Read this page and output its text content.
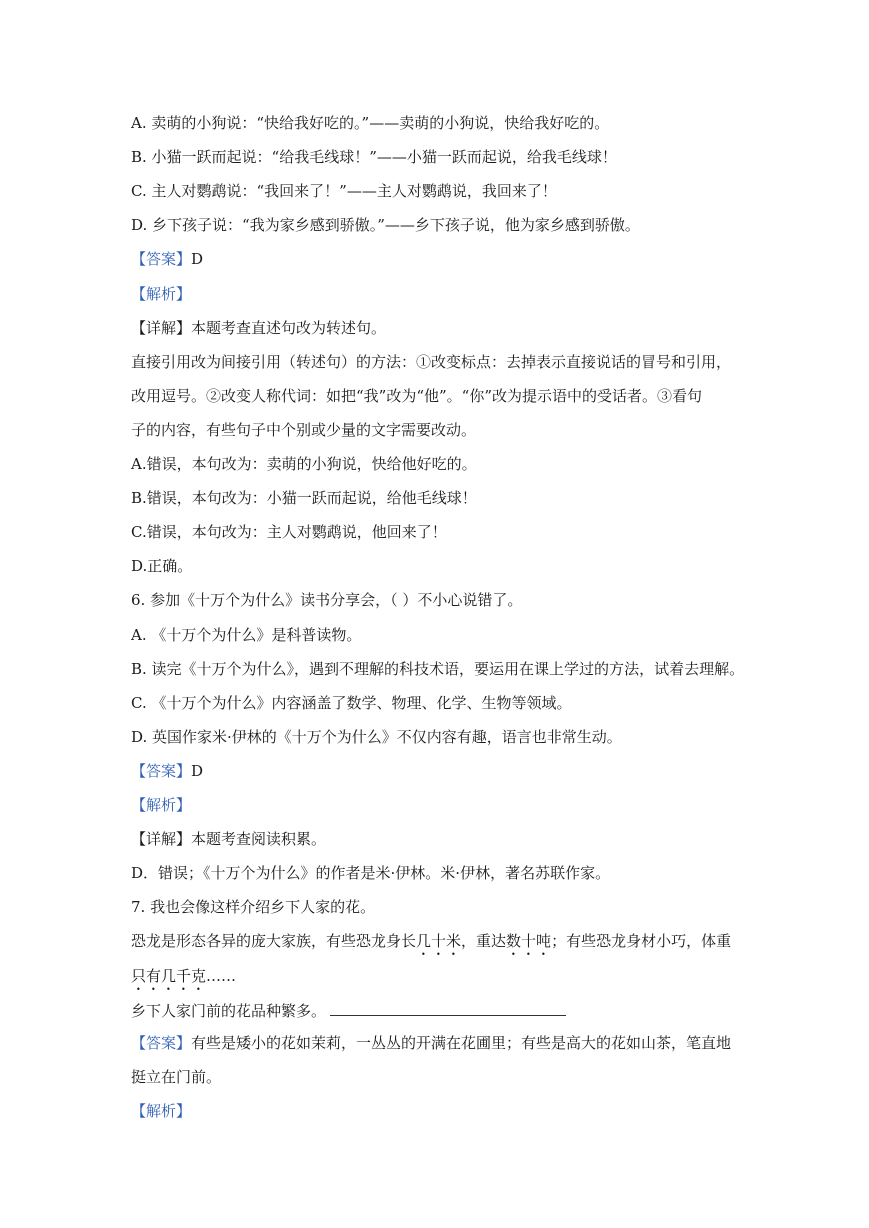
A. 卖萌的小狗说：“快给我好吃的。”——卖萌的小狗说，快给我好吃的。
B. 小猫一跃而起说：“给我毛线球！”——小猫一跃而起说，给我毛线球！
C. 主人对鹦鹉说：“我回来了！”——主人对鹦鹉说，我回来了！
D. 乡下孩子说：“我为家乡感到骄傲。”——乡下孩子说，他为家乡感到骄傲。
【答案】D
【解析】
【详解】本题考查直述句改为转述句。
直接引用改为间接引用（转述句）的方法：①改变标点：去掉表示直接说话的冒号和引用，
改用逗号。②改变人称代词：如把“我”改为“他”。“你”改为提示语中的受话者。③看句
子的内容，有些句子中个别或少量的文字需要改动。
A.错误，本句改为：卖萌的小狗说，快给他好吃的。
B.错误，本句改为：小猫一跃而起说，给他毛线球！
C.错误，本句改为：主人对鹦鹉说，他回来了！
D.正确。
6. 参加《十万个为什么》读书分享会，（ ）不小心说错了。
A. 《十万个为什么》是科普读物。
B. 读完《十万个为什么》，遇到不理解的科技术语，要运用在课上学过的方法，试着去理解。
C. 《十万个为什么》内容涵盖了数学、物理、化学、生物等领域。
D. 英国作家米·伊林的《十万个为什么》不仅内容有趣，语言也非常生动。
【答案】D
【解析】
【详解】本题考查阅读积累。
D．错误；《十万个为什么》的作者是米·伊林。米·伊林，著名苏联作家。
7. 我也会像这样介绍乡下人家的花。
恐龙是形态各异的庞大家族，有些恐龙身长几十米，重达数十吨；有些恐龙身材小巧，体重
只有几千克……
乡下人家门前的花品种繁多。
【答案】有些是矮小的花如茉莉，一丛丛的开满在花圃里；有些是高大的花如山茶，笔直地
挺立在门前。
【解析】
